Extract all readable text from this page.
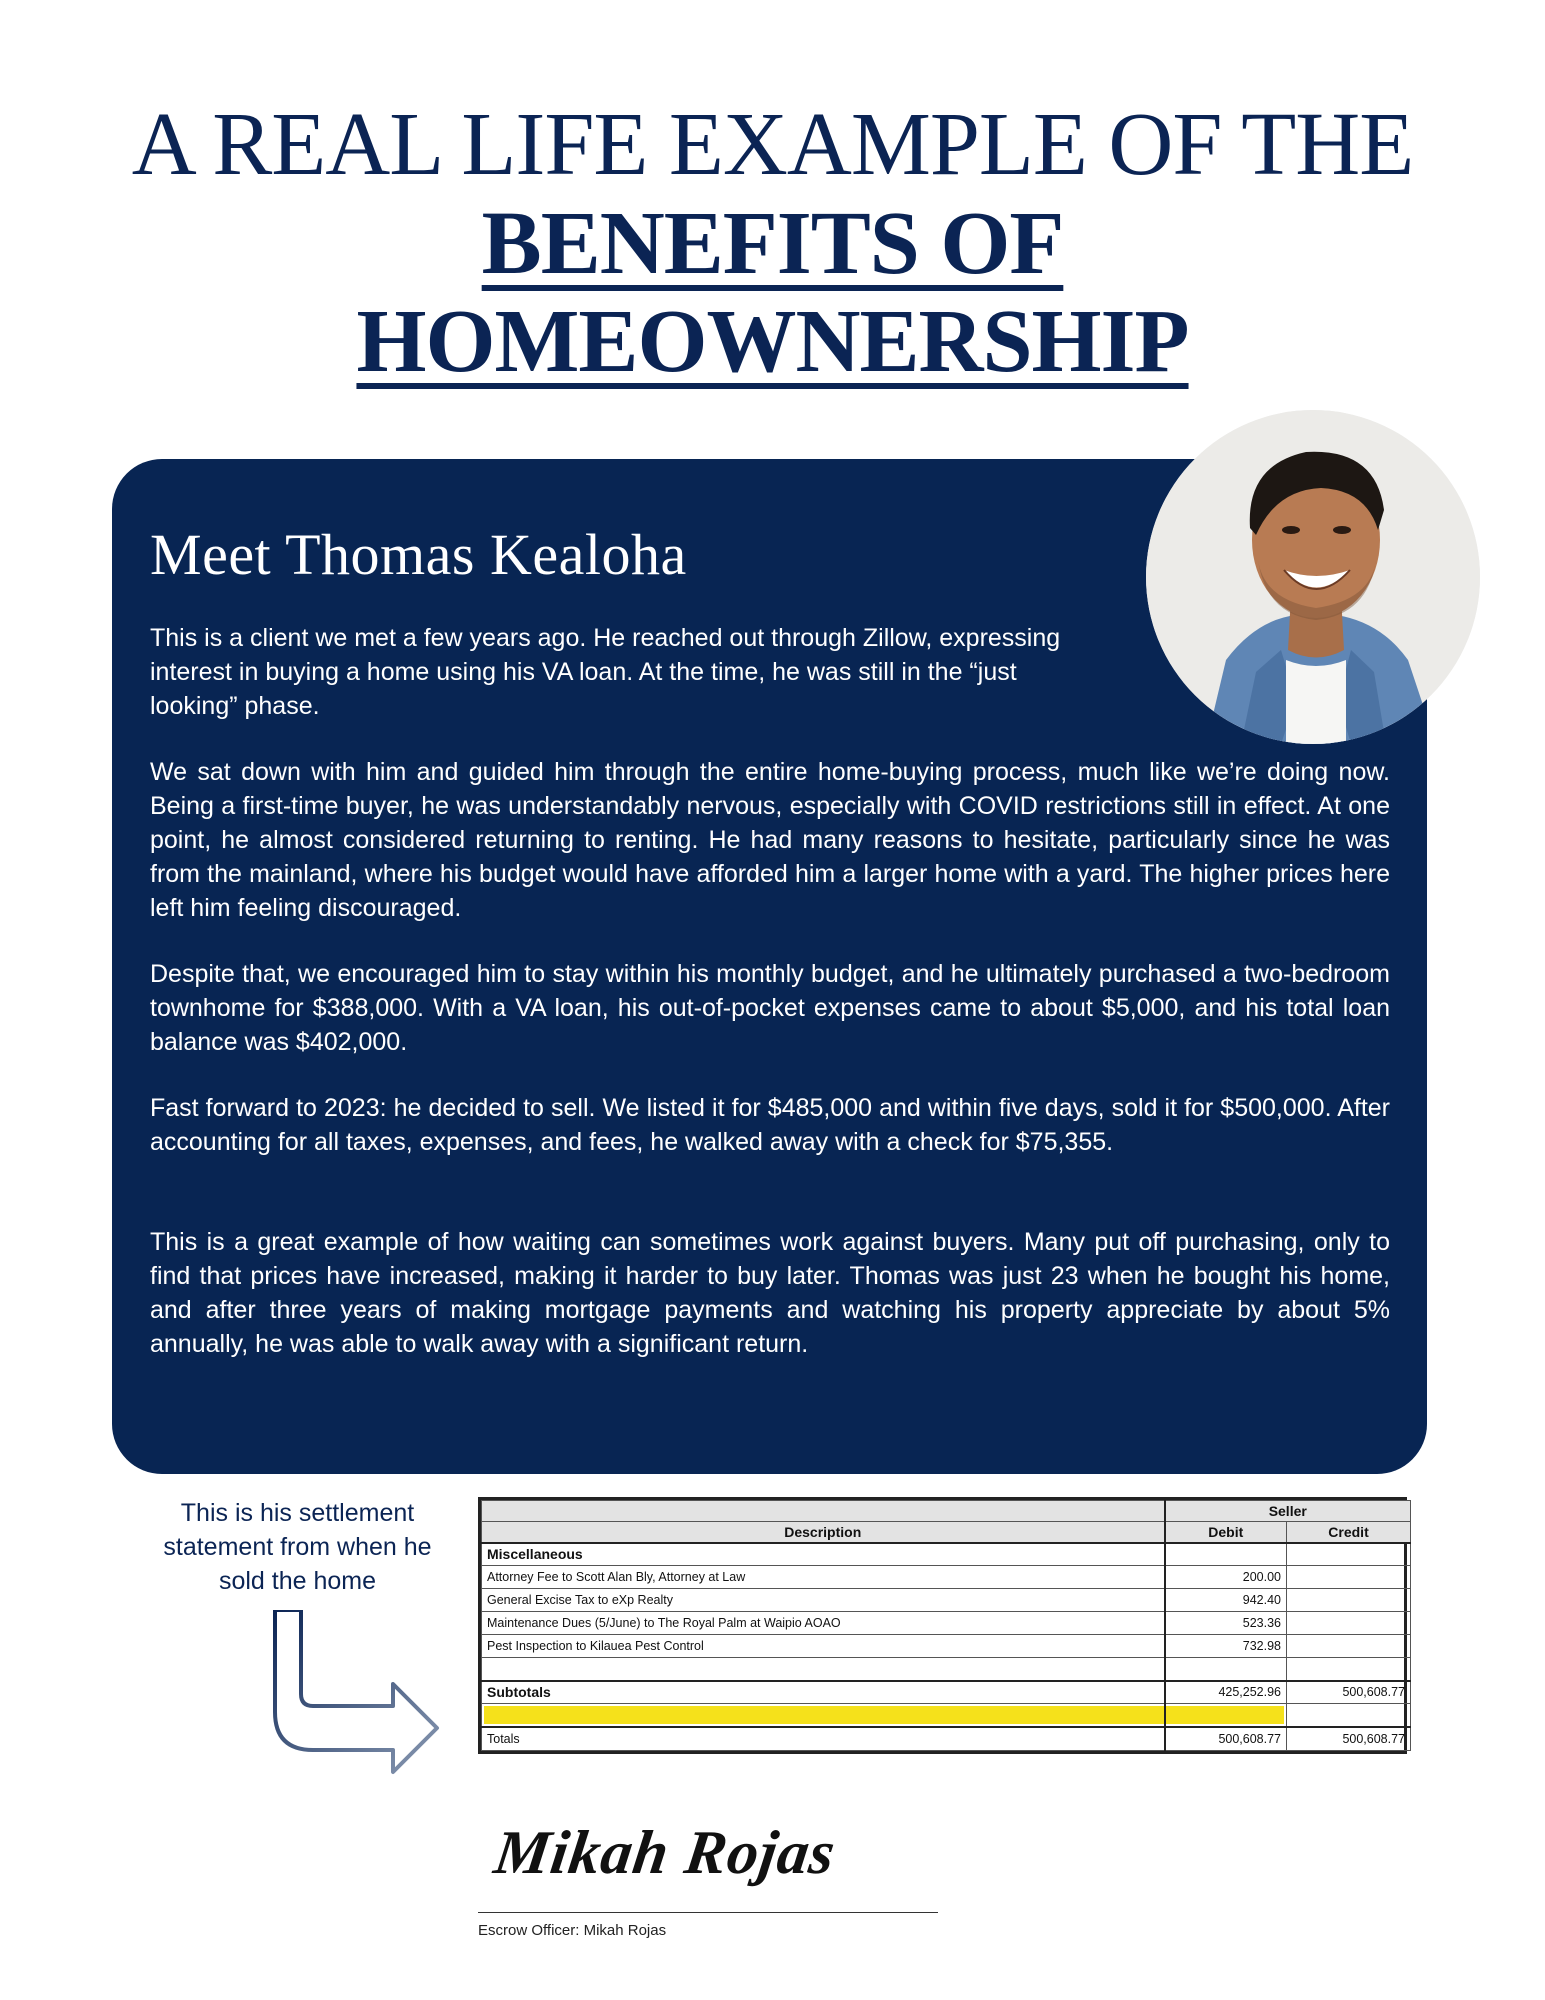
A REAL LIFE EXAMPLE OF THE
BENEFITS OF
HOMEOWNERSHIP
Meet Thomas Kealoha

This is a client we met a few years ago. He reached out through Zillow, expressing interest in buying a home using his VA loan. At the time, he was still in the “just looking” phase.

We sat down with him and guided him through the entire home-buying process, much like we’re doing now. Being a first-time buyer, he was understandably nervous, especially with COVID restrictions still in effect. At one point, he almost considered returning to renting. He had many reasons to hesitate, particularly since he was from the mainland, where his budget would have afforded him a larger home with a yard. The higher prices here left him feeling discouraged.

Despite that, we encouraged him to stay within his monthly budget, and he ultimately purchased a two-bedroom townhome for $388,000. With a VA loan, his out-of-pocket expenses came to about $5,000, and his total loan balance was $402,000.

Fast forward to 2023: he decided to sell. We listed it for $485,000 and within five days, sold it for $500,000. After accounting for all taxes, expenses, and fees, he walked away with a check for $75,355.

This is a great example of how waiting can sometimes work against buyers. Many put off purchasing, only to find that prices have increased, making it harder to buy later. Thomas was just 23 when he bought his home, and after three years of making mortgage payments and watching his property appreciate by about 5% annually, he was able to walk away with a significant return.

This is his settlement statement from when he sold the home
	Seller	
Description	Debit	Credit
Miscellaneous		
Attorney Fee to Scott Alan Bly, Attorney at Law	200.00	
General Excise Tax to eXp Realty	942.40	
Maintenance Dues (5/June) to The Royal Palm at Waipio AOAO	523.36	
Pest Inspection to Kilauea Pest Control	732.98	

Subtotals	425,252.96	500,608.77

Totals	500,608.77	500,608.77
Mikah Rojas
Escrow Officer: Mikah Rojas
